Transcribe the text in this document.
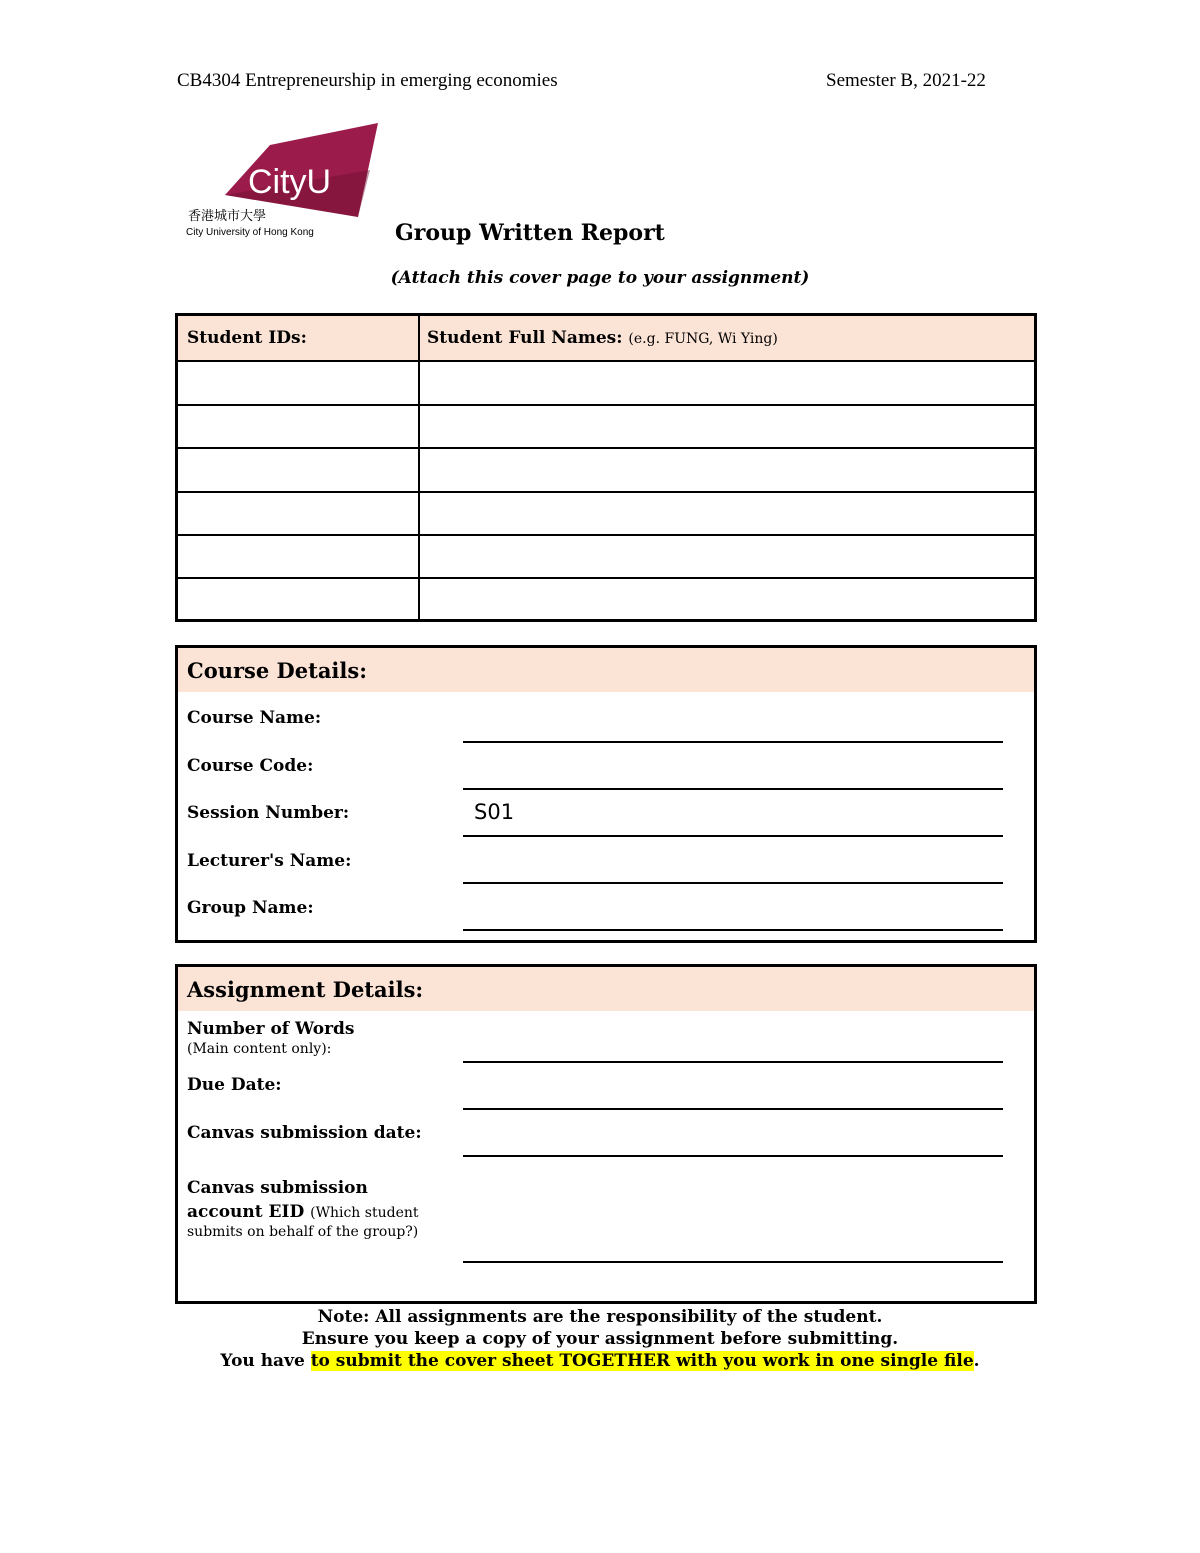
CB4304 Entrepreneurship in emerging economies	Semester B, 2021-22
CityU
香港城市大學
City University of Hong Kong	Group Written Report
(Attach this cover page to your assignment)
Student IDs:	Student Full Names: (e.g. FUNG, Wi Ying)
Course Details:
Course Name:
Course Code:
Session Number:	S01
Lecturer's Name:
Group Name:
Assignment Details:
Number of Words
(Main content only):
Due Date:
Canvas submission date:
Canvas submission
account EID (Which student
submits on behalf of the group?)
Note: All assignments are the responsibility of the student.
Ensure you keep a copy of your assignment before submitting.
You have to submit the cover sheet TOGETHER with you work in one single file.
